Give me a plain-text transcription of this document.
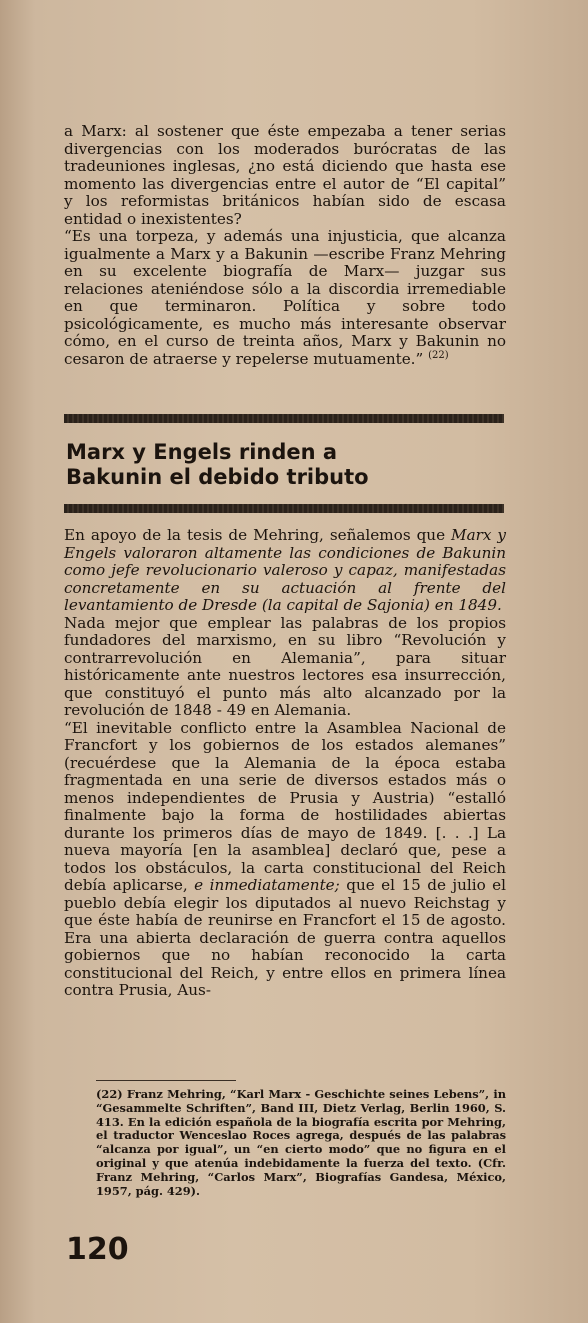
a Marx: al sostener que éste empezaba a tener serias divergencias con los moderados burócratas de las tradeuniones inglesas, ¿no está diciendo que hasta ese momento las divergencias entre el autor de “El capital” y los reformistas británicos habían sido de escasa entidad o inexistentes?

“Es una torpeza, y además una injusticia, que alcanza igualmente a Marx y a Bakunin —escribe Franz Mehring en su excelente biografía de Marx— juzgar sus relaciones ateniéndose sólo a la discordia irremediable en que terminaron. Política y sobre todo psicológicamente, es mucho más interesante observar cómo, en el curso de treinta años, Marx y Bakunin no cesaron de atraerse y repelerse mutuamente.” $^{(22)}$

Marx y Engels rinden a
Bakunin el debido tributo

En apoyo de la tesis de Mehring, señalemos que Marx y Engels valoraron altamente las condiciones de Bakunin como jefe revolucionario valeroso y capaz, manifestadas concretamente en su actuación al frente del levantamiento de Dresde (la capital de Sajonia) en 1849.

Nada mejor que emplear las palabras de los propios fundadores del marxismo, en su libro “Revolución y contrarrevolución en Alemania”, para situar históricamente ante nuestros lectores esa insurrección, que constituyó el punto más alto alcanzado por la revolución de 1848 - 49 en Alemania.

“El inevitable conflicto entre la Asamblea Nacional de Francfort y los gobiernos de los estados alemanes” (recuérdese que la Alemania de la época estaba fragmentada en una serie de diversos estados más o menos independientes de Prusia y Austria) “estalló finalmente bajo la forma de hostilidades abiertas durante los primeros días de mayo de 1849. [. . .] La nueva mayoría [en la asamblea] declaró que, pese a todos los obstáculos, la carta constitucional del Reich debía aplicarse, e inmediatamente; que el 15 de julio el pueblo debía elegir los diputados al nuevo Reichstag y que éste había de reunirse en Francfort el 15 de agosto. Era una abierta declaración de guerra contra aquellos gobiernos que no habían reconocido la carta constitucional del Reich, y entre ellos en primera línea contra Prusia, Aus-

(22) Franz Mehring, “Karl Marx - Geschichte seines Lebens”, in “Gesammelte Schriften”, Band III, Dietz Verlag, Berlin 1960, S. 413. En la edición española de la biografía escrita por Mehring, el traductor Wenceslao Roces agrega, después de las palabras “alcanza por igual”, un “en cierto modo” que no figura en el original y que atenúa indebidamente la fuerza del texto. (Cfr. Franz Mehring, “Carlos Marx”, Biografías Gandesa, México, 1957, pág. 429).
120
